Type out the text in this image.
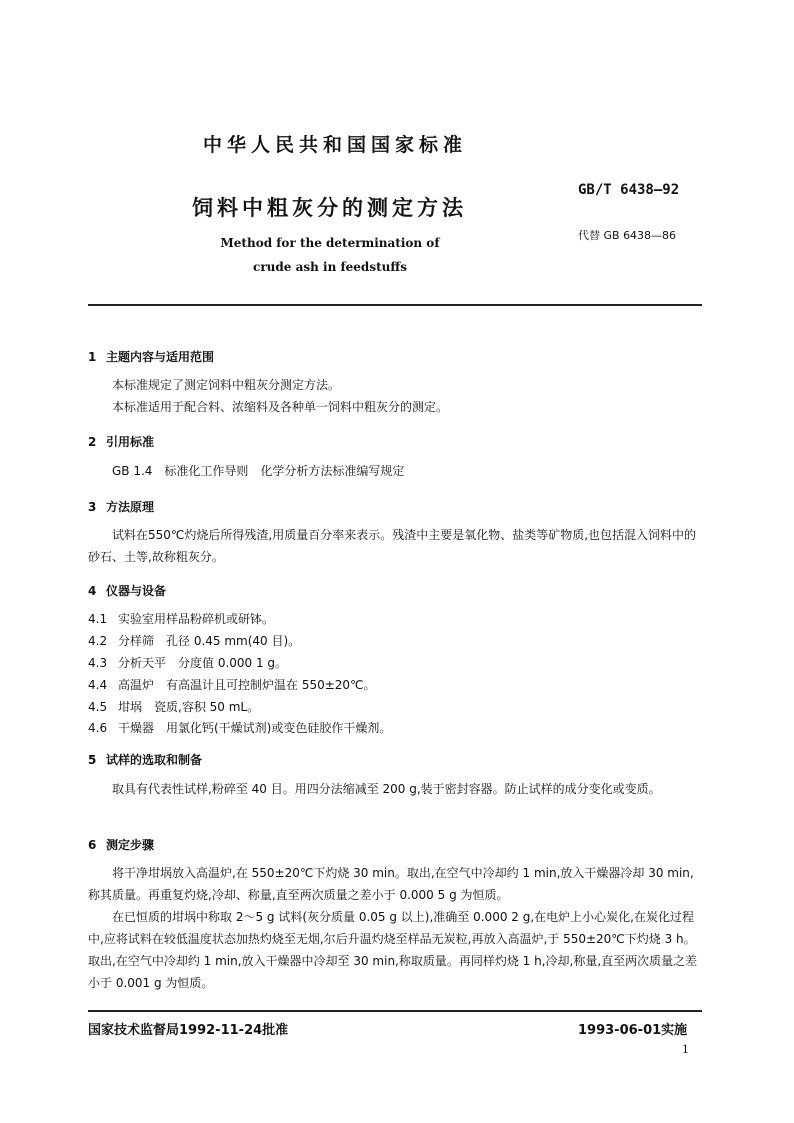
中华人民共和国国家标准
饲料中粗灰分的测定方法
GB/T 6438—92
代替 GB 6438—86
Method for the determination of
crude ash in feedstuffs
1 主题内容与适用范围
本标准规定了测定饲料中粗灰分测定方法。
本标准适用于配合料、浓缩料及各种单一饲料中粗灰分的测定。
2 引用标准
GB 1.4　标准化工作导则　化学分析方法标准编写规定
3 方法原理
试料在550℃灼烧后所得残渣,用质量百分率来表示。残渣中主要是氧化物、盐类等矿物质,也包括混入饲料中的砂石、土等,故称粗灰分。
4 仪器与设备
4.1 实验室用样品粉碎机或研钵。
4.2 分样筛　孔径 0.45 mm(40 目)。
4.3 分析天平　分度值 0.000 1 g。
4.4 高温炉　有高温计且可控制炉温在 550±20℃。
4.5 坩埚　瓷质,容积 50 mL。
4.6 干燥器　用氯化钙(干燥试剂)或变色硅胶作干燥剂。
5 试样的选取和制备
取具有代表性试样,粉碎至 40 目。用四分法缩减至 200 g,装于密封容器。防止试样的成分变化或变质。
6 测定步骤
将干净坩埚放入高温炉,在 550±20℃下灼烧 30 min。取出,在空气中冷却约 1 min,放入干燥器冷却 30 min,称其质量。再重复灼烧,冷却、称量,直至两次质量之差小于 0.000 5 g 为恒质。
在已恒质的坩埚中称取 2～5 g 试料(灰分质量 0.05 g 以上),准确至 0.000 2 g,在电炉上小心炭化,在炭化过程中,应将试料在较低温度状态加热灼烧至无烟,尔后升温灼烧至样品无炭粒,再放入高温炉,于 550±20℃下灼烧 3 h。取出,在空气中冷却约 1 min,放入干燥器中冷却至 30 min,称取质量。再同样灼烧 1 h,冷却,称量,直至两次质量之差小于 0.001 g 为恒质。
国家技术监督局1992-11-24批准	1993-06-01实施
1
